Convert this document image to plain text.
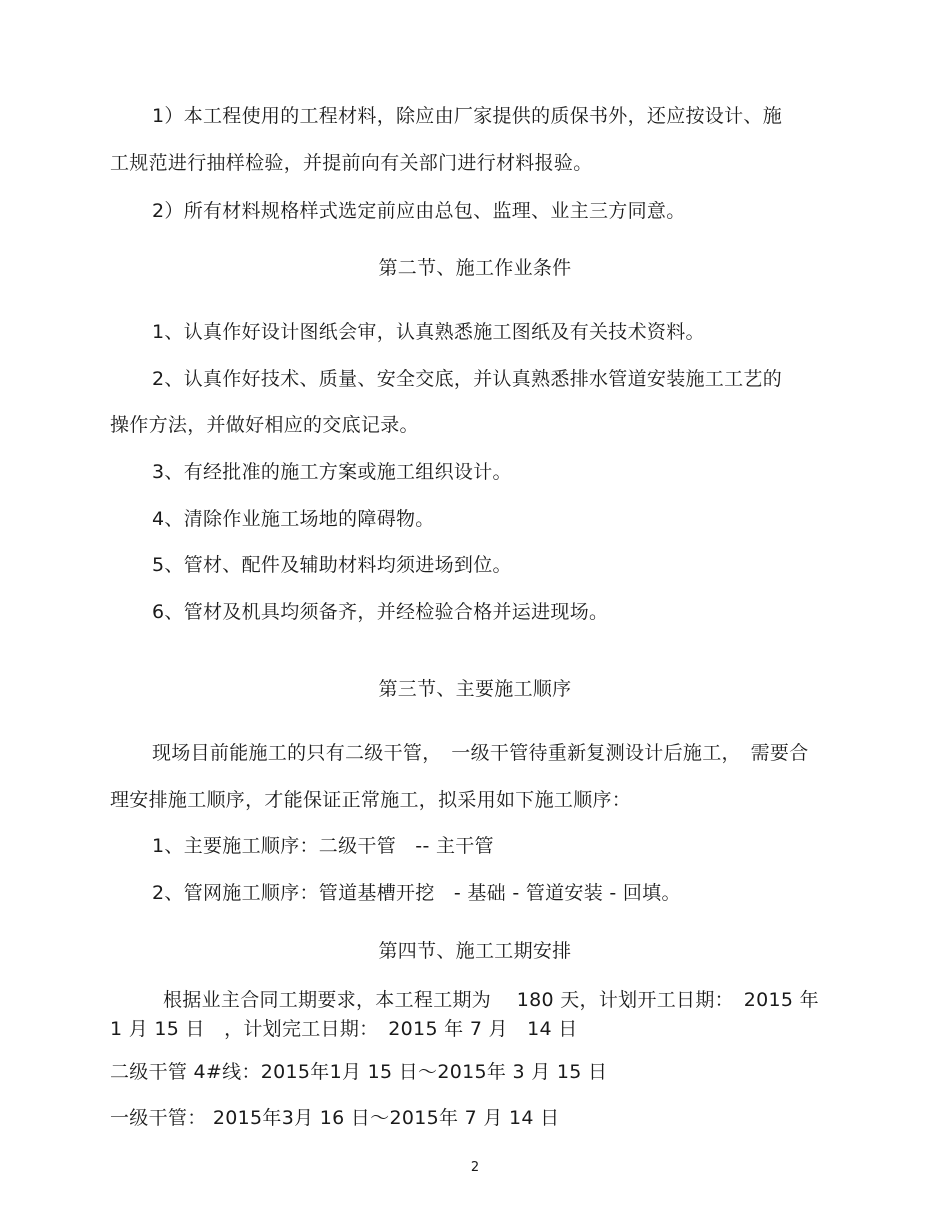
1）本工程使用的工程材料，除应由厂家提供的质保书外，还应按设计、施
工规范进行抽样检验，并提前向有关部门进行材料报验。
2）所有材料规格样式选定前应由总包、监理、业主三方同意。
第二节、施工作业条件
1、认真作好设计图纸会审，认真熟悉施工图纸及有关技术资料。
2、认真作好技术、质量、安全交底，并认真熟悉排水管道安装施工工艺的
操作方法，并做好相应的交底记录。
3、有经批准的施工方案或施工组织设计。
4、清除作业施工场地的障碍物。
5、管材、配件及辅助材料均须进场到位。
6、管材及机具均须备齐，并经检验合格并运进现场。
第三节、主要施工顺序
现场目前能施工的只有二级干管，　一级干管待重新复测设计后施工，　需要合
理安排施工顺序，才能保证正常施工，拟采用如下施工顺序：
1、主要施工顺序：二级干管　-- 主干管
2、管网施工顺序：管道基槽开挖　- 基础 - 管道安装 - 回填。
第四节、施工工期安排
根据业主合同工期要求，本工程工期为　 180 天，计划开工日期：　2015 年
1 月 15 日　，计划完工日期：　2015 年 7 月　14 日
二级干管 4#线：2015年1月 15 日～2015年 3 月 15 日
一级干管： 2015年3月 16 日～2015年 7 月 14 日
2
